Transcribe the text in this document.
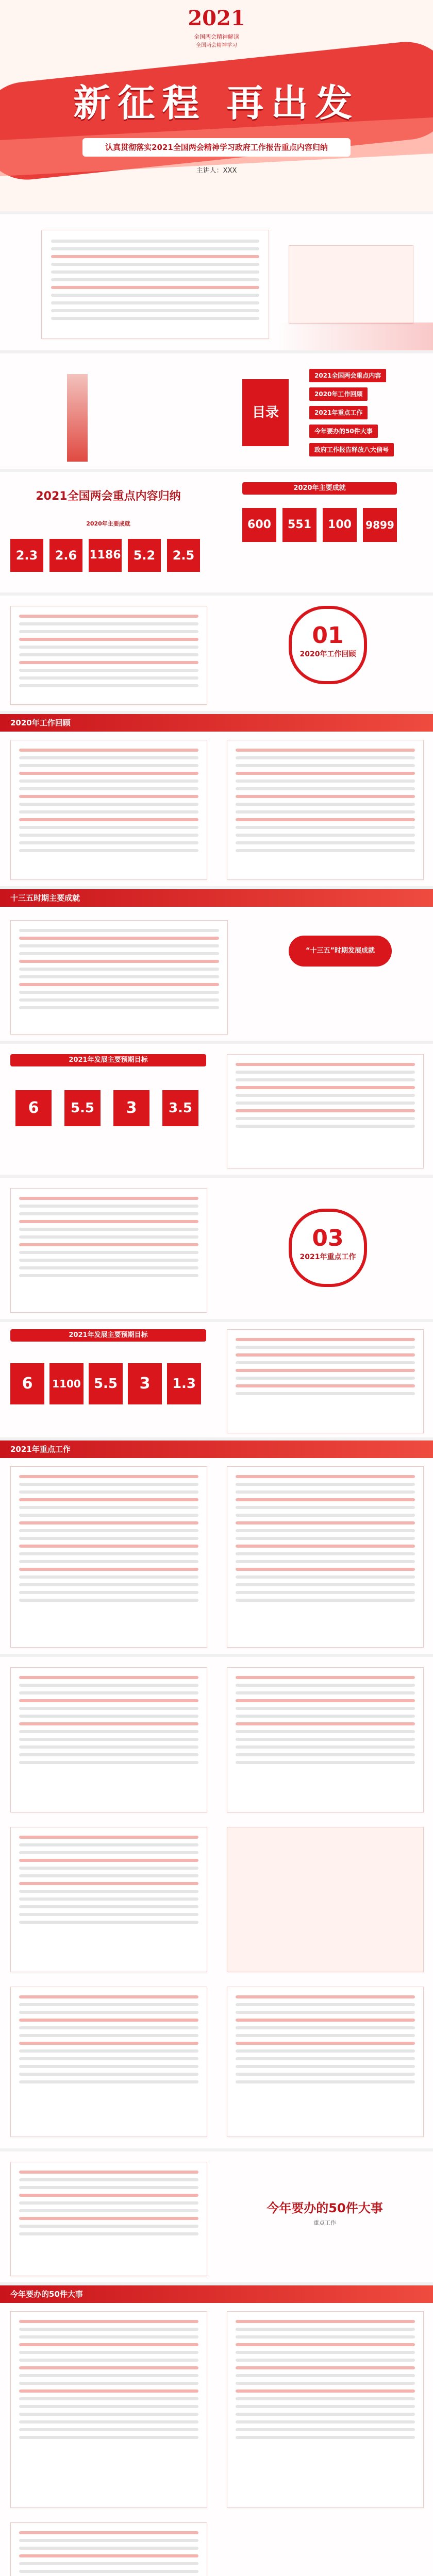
2021
全国两会精神解读
全国两会精神学习
新征程 再出发
认真贯彻落实2021全国两会精神学习政府工作报告重点内容归纳
主讲人：XXX
目录
2021全国两会重点内容
2020年工作回顾
2021年重点工作
今年要办的50件大事
政府工作报告释放八大信号
2021全国两会重点内容归纳
2020年主要成就
2.3	2.6	1186	5.2	2.5
2020年主要成就
600	551	100	9899
01
2020年工作回顾
2020年工作回顾
十三五时期主要成就
“十三五”时期发展成就
2021年发展主要预期目标
6	5.5	3	3.5
03
2021年重点工作
2021年发展主要预期目标
6	1100 5.5	3	1.3
2021年重点工作
今年要办的50件大事
重点工作
今年要办的50件大事
